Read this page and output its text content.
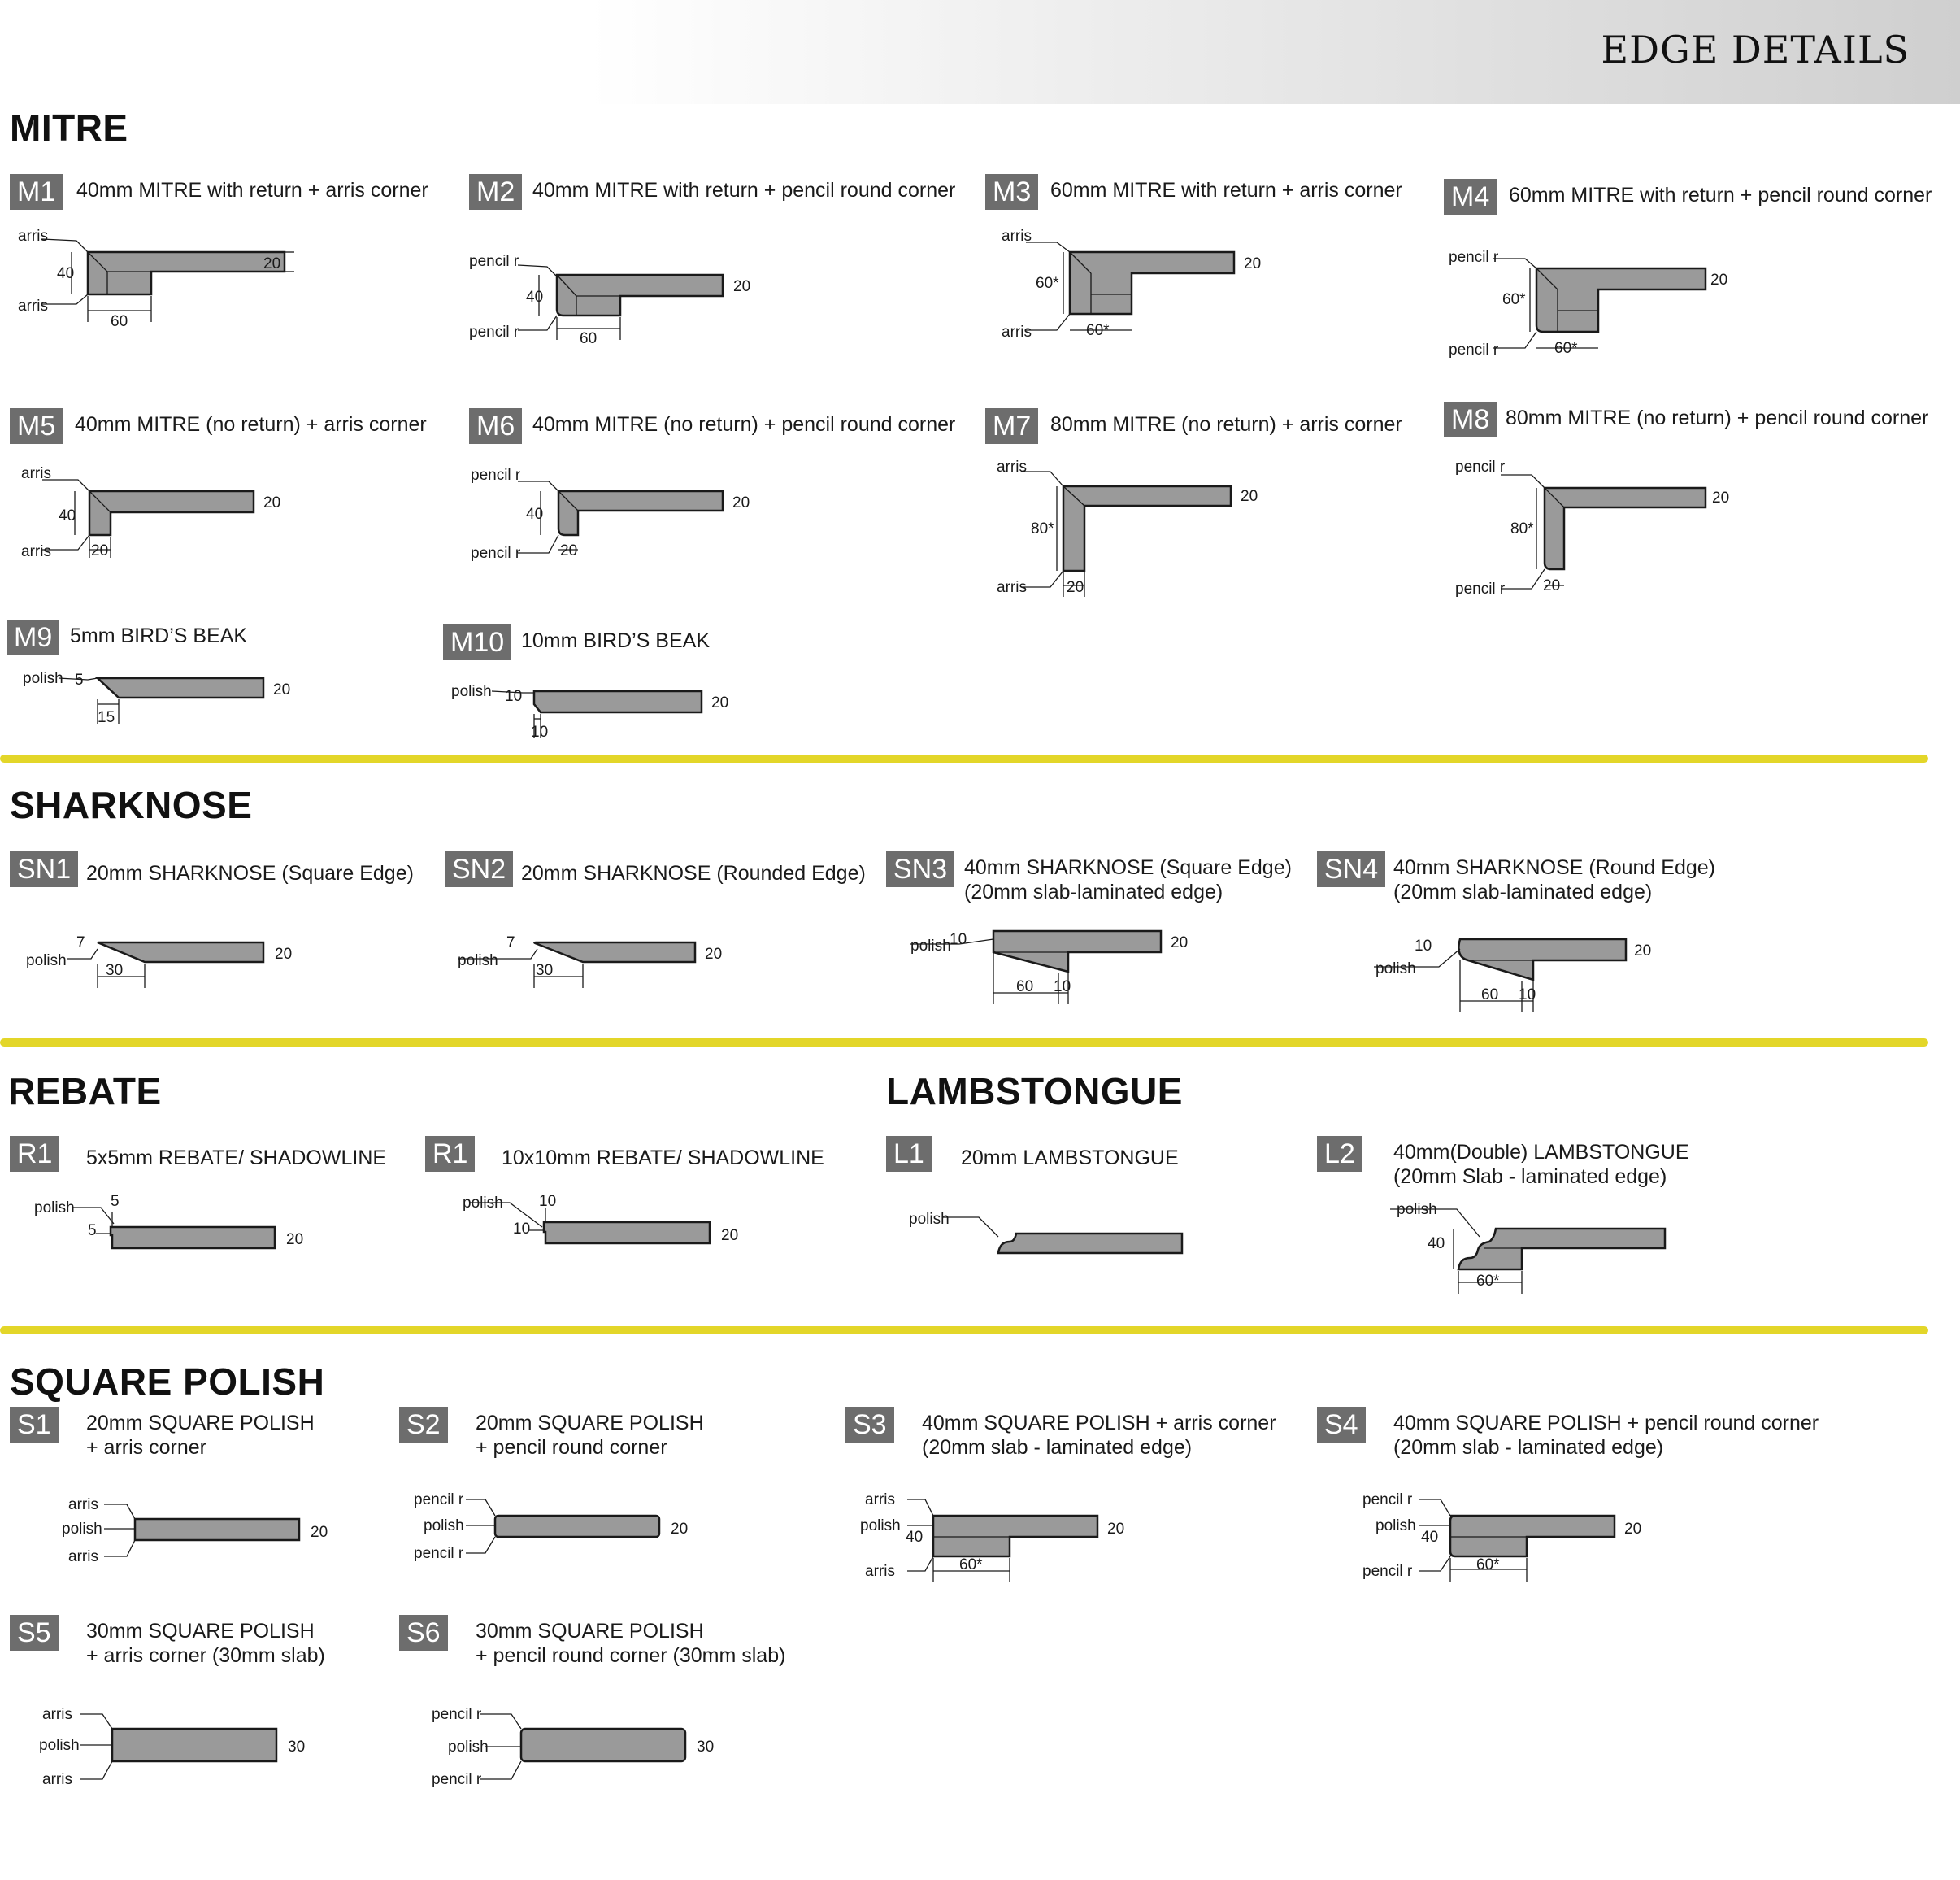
EDGE DETAILS
MITRE
SHARKNOSE
REBATE	LAMBSTONGUE
SQUARE POLISH
M1	40mm MITRE with return + arris corner
arris
40
arris
60
20
M2 40mm MITRE with return + pencil round corner
pencil r
40
pencil r	60
20
M3 60mm MITRE with return + arris corner
arris
60*
arris	60*
20
M4 60mm MITRE with return + pencil round corner
pencil r
60*
pencil r	60*
20
M5 40mm MITRE (no return) + arris corner
arris
40
arris	20
20
M6 40mm MITRE (no return) + pencil round corner
pencil r
40
pencil r	20
20
M7 80mm MITRE (no return) + arris corner
arris
80*
arris	20
20
M8 80mm MITRE (no return) + pencil round corner
pencil r
80*
pencil r 20
20
M9 5mm BIRD’S BEAK
polish 5
15
20
M10 10mm BIRD’S BEAK
polish 10
10
20
SN1 20mm SHARKNOSE (Square Edge)
polish
7
30
20
SN2 20mm SHARKNOSE (Rounded Edge)
polish
7
30
20
SN3 40mm SHARKNOSE (Square Edge)
(20mm slab-laminated edge)
10
polish
60 10
20
SN4 40mm SHARKNOSE (Round Edge)
(20mm slab-laminated edge)
10
polish
60 10
20
R1	5x5mm REBATE/ SHADOWLINE
polish 5
5
20
R1	10x10mm REBATE/ SHADOWLINE
polish 10
10	20
L1	20mm LAMBSTONGUE
polish
L2	40mm(Double) LAMBSTONGUE
(20mm Slab - laminated edge)
polish
40
60*
S1	20mm SQUARE POLISH
+ arris corner
arris
polish
arris
20
S2	20mm SQUARE POLISH
+ pencil round corner
pencil r
polish
pencil r
20
S3	40mm SQUARE POLISH + arris corner
(20mm slab - laminated edge)
arris
polish
40
arris	60*
20
S4	40mm SQUARE POLISH + pencil round corner
(20mm slab - laminated edge)
pencil r
polish
40
pencil r	60*
20
S5	30mm SQUARE POLISH
+ arris corner (30mm slab)
arris
polish
arris
30
S6	30mm SQUARE POLISH
+ pencil round corner (30mm slab)
pencil r
polish
pencil r
30
